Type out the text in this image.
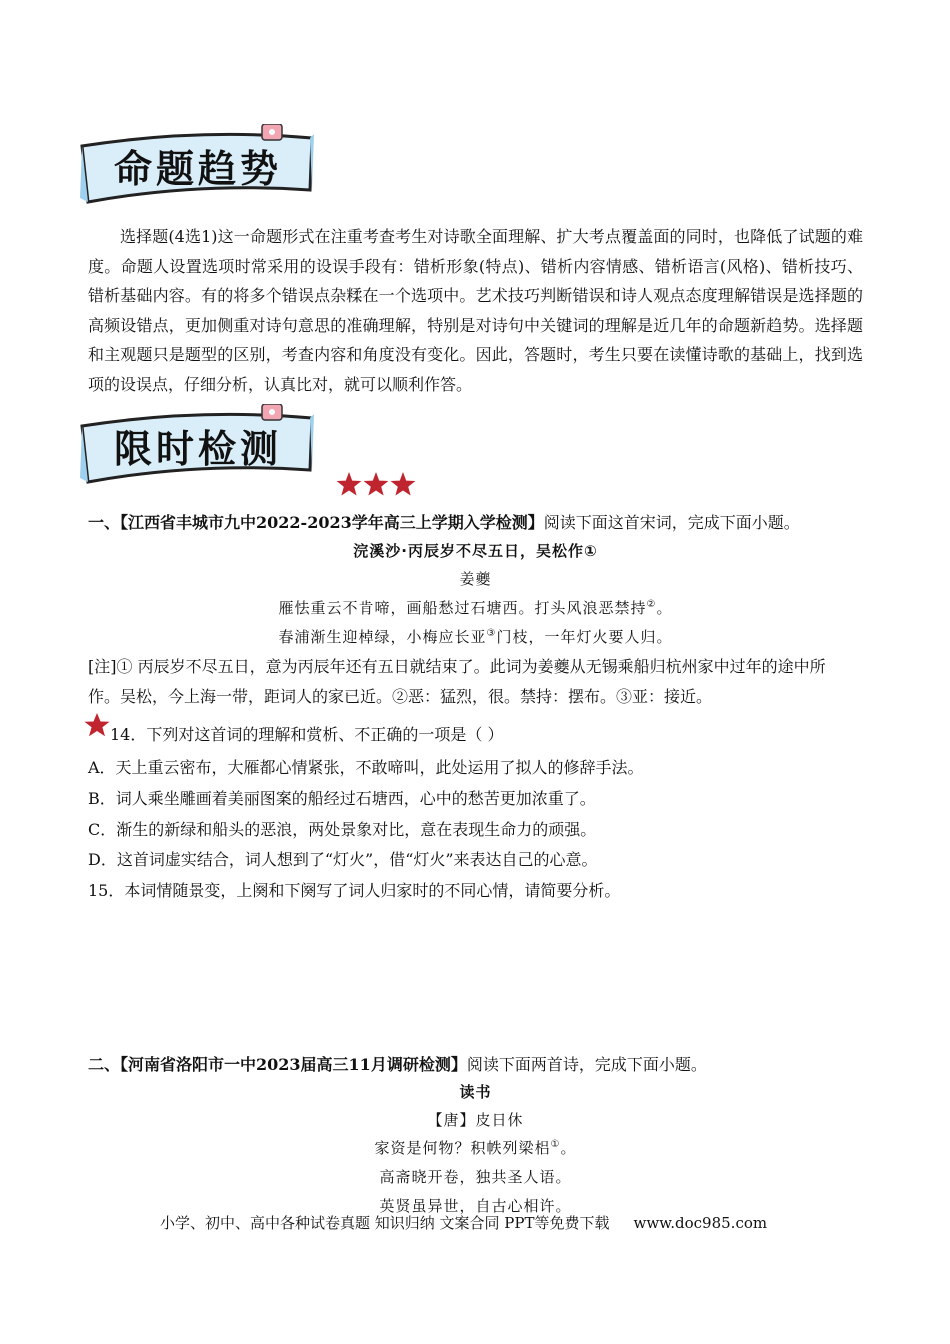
命题趋势
选择题(4选1)这一命题形式在注重考查考生对诗歌全面理解、扩大考点覆盖面的同时，也降低了试题的难度。命题人设置选项时常采用的设误手段有：错析形象(特点)、错析内容情感、错析语言(风格)、错析技巧、错析基础内容。有的将多个错误点杂糅在一个选项中。艺术技巧判断错误和诗人观点态度理解错误是选择题的高频设错点，更加侧重对诗句意思的准确理解，特别是对诗句中关键词的理解是近几年的命题新趋势。选择题和主观题只是题型的区别，考查内容和角度没有变化。因此，答题时，考生只要在读懂诗歌的基础上，找到选项的设误点，仔细分析，认真比对，就可以顺利作答。
限时检测
一、【江西省丰城市九中2022-2023学年高三上学期入学检测】阅读下面这首宋词，完成下面小题。
浣溪沙·丙辰岁不尽五日，吴松作①
姜夔
雁怯重云不肯啼，画船愁过石塘西。打头风浪恶禁持②。
春浦渐生迎棹绿，小梅应长亚③门枝，一年灯火要人归。
[注]① 丙辰岁不尽五日，意为丙辰年还有五日就结束了。此词为姜夔从无锡乘船归杭州家中过年的途中所
作。吴松，今上海一带，距词人的家已近。②恶：猛烈，很。禁持：摆布。③亚：接近。
14．下列对这首词的理解和赏析、不正确的一项是（ ）
A．天上重云密布，大雁都心情紧张，不敢啼叫，此处运用了拟人的修辞手法。
B．词人乘坐雕画着美丽图案的船经过石塘西，心中的愁苦更加浓重了。
C．渐生的新绿和船头的恶浪，两处景象对比，意在表现生命力的顽强。
D．这首词虚实结合，词人想到了“灯火”，借“灯火”来表达自己的心意。
15．本词情随景变，上阕和下阕写了词人归家时的不同心情，请简要分析。
二、【河南省洛阳市一中2023届高三11月调研检测】阅读下面两首诗，完成下面小题。
读书
【唐】皮日休
家资是何物？积帙列梁梠①。
高斋晓开卷，独共圣人语。
英贤虽异世，自古心相许。
小学、初中、高中各种试卷真题 知识归纳 文案合同 PPT等免费下载 www.doc985.com
